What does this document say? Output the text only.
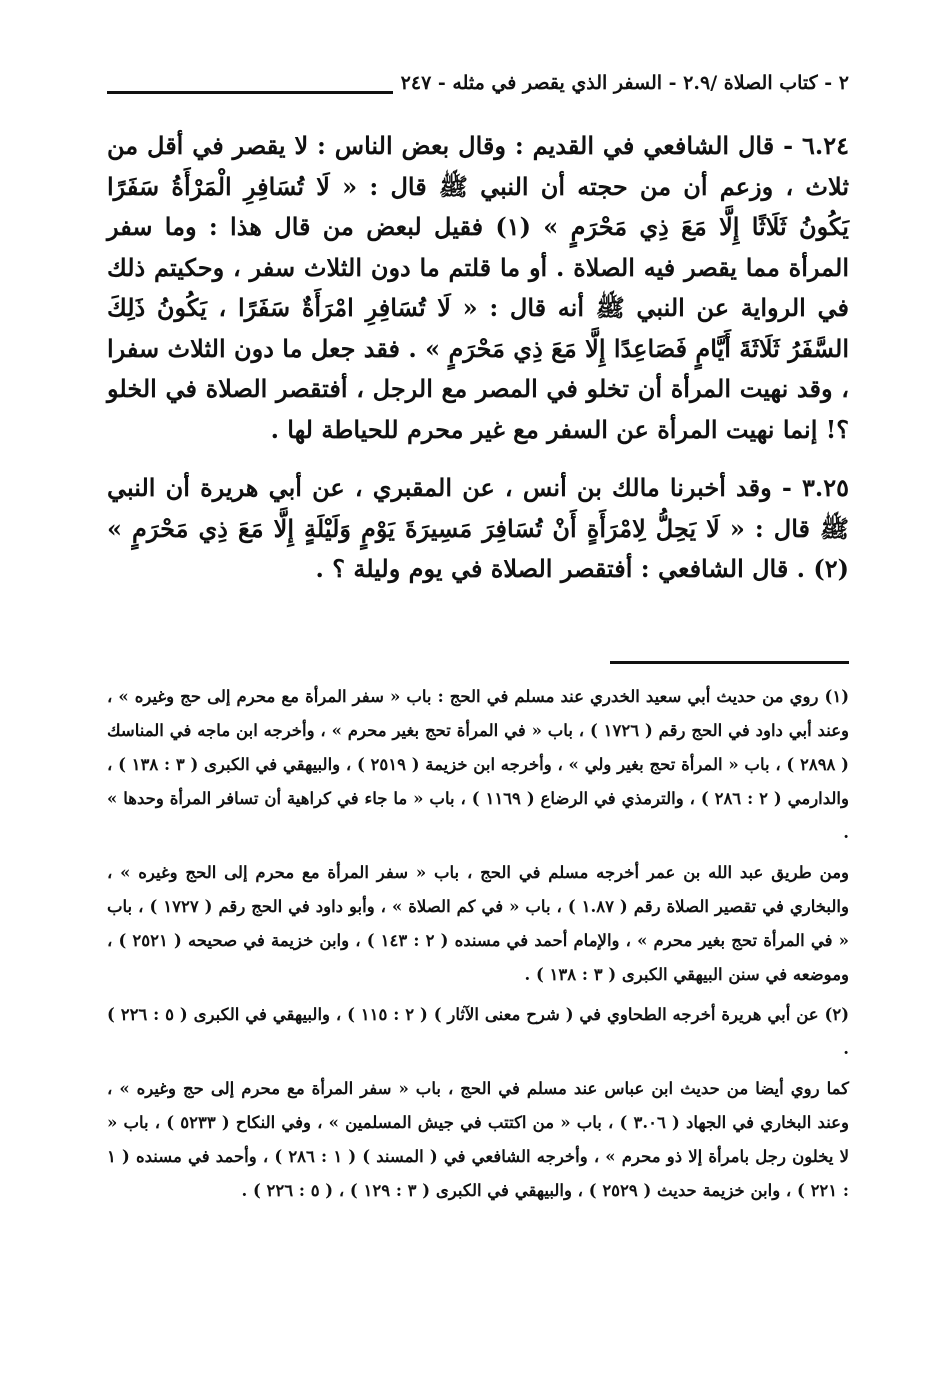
٢ - كتاب الصلاة /٢.٩ - السفر الذي يقصر في مثله - ٢٤٧

٦.٢٤ - قال الشافعي في القديم : وقال بعض الناس : لا يقصر في أقل من ثلاث ، وزعم أن من حجته أن النبي ﷺ قال : « لَا تُسَافِرِ الْمَرْأَةُ سَفَرًا يَكُونُ ثَلَاثًا إِلَّا مَعَ ذِي مَحْرَمٍ » (١) فقيل لبعض من قال هذا : وما سفر المرأة مما يقصر فيه الصلاة . أو ما قلتم ما دون الثلاث سفر ، وحكيتم ذلك في الرواية عن النبي ﷺ أنه قال : « لَا تُسَافِرِ امْرَأَةٌ سَفَرًا ، يَكُونُ ذَلِكَ السَّفَرُ ثَلَاثَةَ أَيَّامٍ فَصَاعِدًا إِلَّا مَعَ ذِي مَحْرَمٍ » . فقد جعل ما دون الثلاث سفرا ، وقد نهيت المرأة أن تخلو في المصر مع الرجل ، أفتقصر الصلاة في الخلو ؟! إنما نهيت المرأة عن السفر مع غير محرم للحياطة لها .

٣.٢٥ - وقد أخبرنا مالك بن أنس ، عن المقبري ، عن أبي هريرة أن النبي ﷺ قال : « لَا يَحِلُّ لِامْرَأَةٍ أَنْ تُسَافِرَ مَسِيرَةَ يَوْمٍ وَلَيْلَةٍ إِلَّا مَعَ ذِي مَحْرَمٍ » (٢) . قال الشافعي : أفتقصر الصلاة في يوم وليلة ؟ .

(١) روي من حديث أبي سعيد الخدري عند مسلم في الحج : باب « سفر المرأة مع محرم إلى حج وغيره » ، وعند أبي داود في الحج رقم ( ١٧٢٦ ) ، باب « في المرأة تحج بغير محرم » ، وأخرجه ابن ماجه في المناسك ( ٢٨٩٨ ) ، باب « المرأة تحج بغير ولي » ، وأخرجه ابن خزيمة ( ٢٥١٩ ) ، والبيهقي في الكبرى ( ٣ : ١٣٨ ) ، والدارمي ( ٢ : ٢٨٦ ) ، والترمذي في الرضاع ( ١١٦٩ ) ، باب « ما جاء في كراهية أن تسافر المرأة وحدها » .

ومن طريق عبد الله بن عمر أخرجه مسلم في الحج ، باب « سفر المرأة مع محرم إلى الحج وغيره » ، والبخاري في تقصير الصلاة رقم ( ١.٨٧ ) ، باب « في كم الصلاة » ، وأبو داود في الحج رقم ( ١٧٢٧ ) ، باب « في المرأة تحج بغير محرم » ، والإمام أحمد في مسنده ( ٢ : ١٤٣ ) ، وابن خزيمة في صحيحه ( ٢٥٢١ ) ، وموضعه في سنن البيهقي الكبرى ( ٣ : ١٣٨ ) .

(٢) عن أبي هريرة أخرجه الطحاوي في ( شرح معنى الآثار ) ( ٢ : ١١٥ ) ، والبيهقي في الكبرى ( ٥ : ٢٢٦ ) .

كما روي أيضا من حديث ابن عباس عند مسلم في الحج ، باب « سفر المرأة مع محرم إلى حج وغيره » ، وعند البخاري في الجهاد ( ٣.٠٦ ) ، باب « من اكتتب في جيش المسلمين » ، وفي النكاح ( ٥٢٣٣ ) ، باب « لا يخلون رجل بامرأة إلا ذو محرم » ، وأخرجه الشافعي في ( المسند ) ( ١ : ٢٨٦ ) ، وأحمد في مسنده ( ١ : ٢٢١ ) ، وابن خزيمة حديث ( ٢٥٢٩ ) ، والبيهقي في الكبرى ( ٣ : ١٢٩ ) ، ( ٥ : ٢٢٦ ) .
